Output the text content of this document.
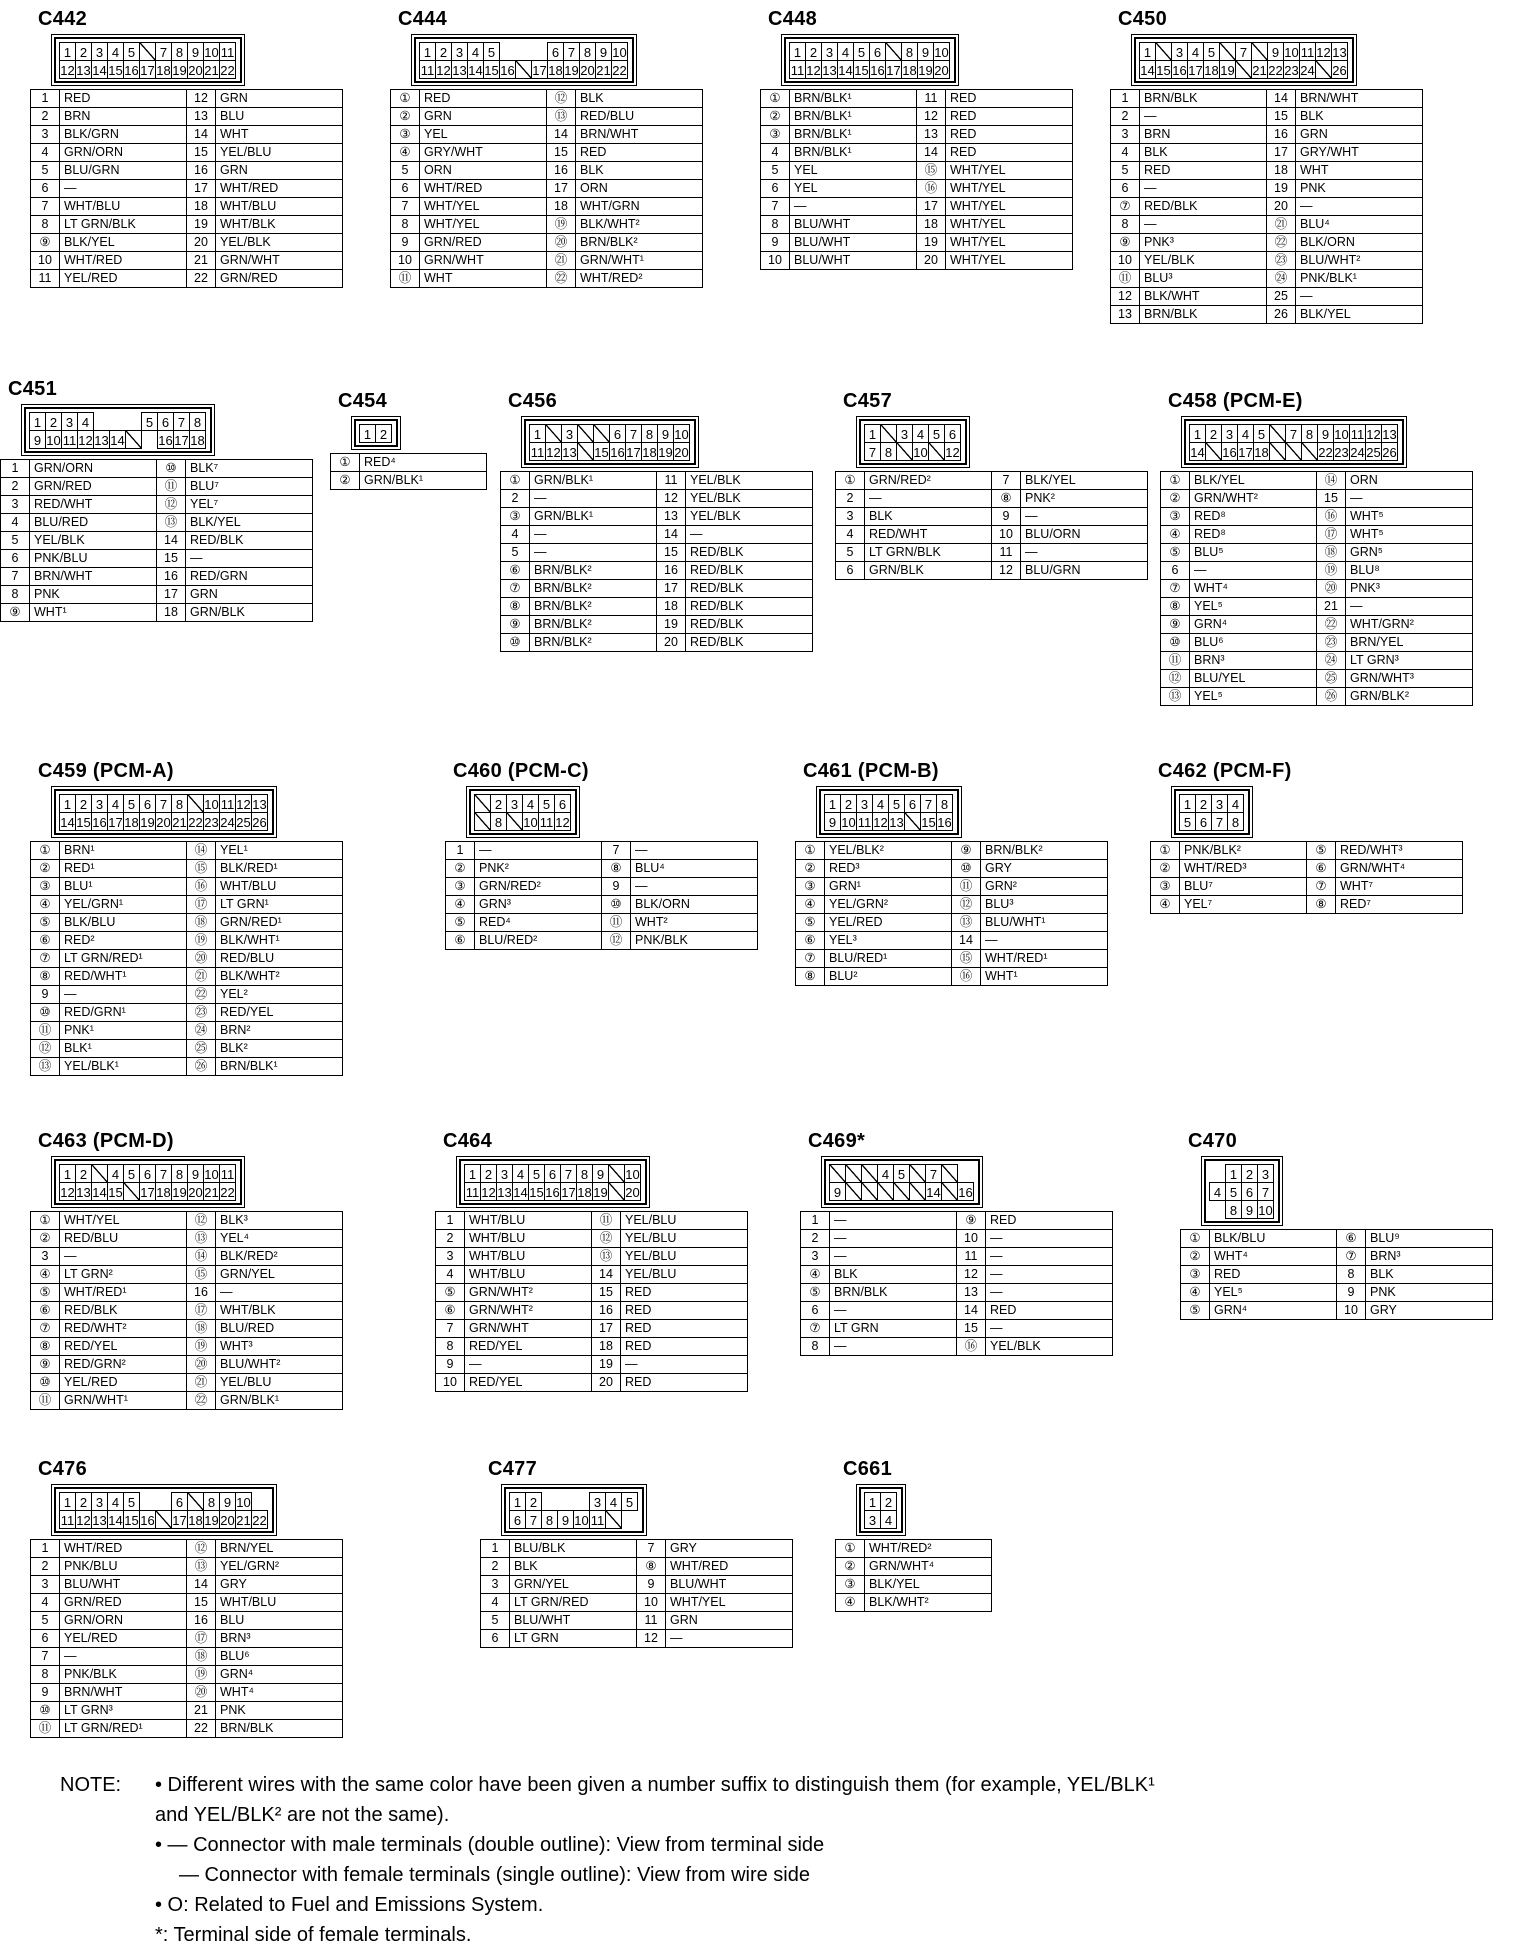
C442
1 2 3 4 5	7 8 9 10 11
12 13 14 15 16 17 18 19 20 21 22
1	RED	12	GRN
2	BRN	13	BLU
3	BLK/GRN	14	WHT
4	GRN/ORN	15	YEL/BLU
5	BLU/GRN	16	GRN
6	—	17	WHT/RED
7	WHT/BLU	18	WHT/BLU
8	LT GRN/BLK	19	WHT/BLK
⑨	BLK/YEL	20	YEL/BLK
10	WHT/RED	21	GRN/WHT
11	YEL/RED	22	GRN/RED
C444
1 2 3 4 5	6 7 8 9 10
11 12 13 14 15 16 17 18 19 20 21 22
①	RED	⑫	BLK
②	GRN	⑬	RED/BLU
③	YEL	14	BRN/WHT
④	GRY/WHT	15	RED
5	ORN	16	BLK
6	WHT/RED	17	ORN
7	WHT/YEL	18	WHT/GRN
8	WHT/YEL	⑲	BLK/WHT²
9	GRN/RED	⑳	BRN/BLK²
10	GRN/WHT	㉑	GRN/WHT¹
⑪	WHT	㉒	WHT/RED²
C448
1 2 3 4 5 6	8 9 10
11 12 13 14 15 16 17 18 19 20
①	BRN/BLK¹	11	RED
②	BRN/BLK¹	12	RED
③	BRN/BLK¹	13	RED
4	BRN/BLK¹	14	RED
5	YEL	⑮	WHT/YEL
6	YEL	⑯	WHT/YEL
7	—	17	WHT/YEL
8	BLU/WHT	18	WHT/YEL
9	BLU/WHT	19	WHT/YEL
10	BLU/WHT	20	WHT/YEL
C450
1	3 4 5	7	9 10 11 12 13
14 15 16 17 18 19 21 22 23 24 26
1	BRN/BLK	14	BRN/WHT
2	—	15	BLK
3	BRN	16	GRN
4	BLK	17	GRY/WHT
5	RED	18	WHT
6	—	19	PNK
⑦	RED/BLK	20	—
8	—	㉑	BLU⁴
⑨	PNK³	㉒	BLK/ORN
10	YEL/BLK	㉓	BLU/WHT²
⑪	BLU³	㉔	PNK/BLK¹
12	BLK/WHT	25	—
13	BRN/BLK	26	BLK/YEL
C451
1 2 3 4	5 6 7 8
9 10 11 12 13 14	16 17 18
1	GRN/ORN	⑩	BLK⁷
2	GRN/RED	⑪	BLU⁷
3	RED/WHT	⑫	YEL⁷
4	BLU/RED	⑬	BLK/YEL
5	YEL/BLK	14	RED/BLK
6	PNK/BLU	15	—
7	BRN/WHT	16	RED/GRN
8	PNK	17	GRN
⑨	WHT¹	18	GRN/BLK
C454
1 2
①	RED⁴
②	GRN/BLK¹
C456
1	3	6 7 8 9 10
11 12 13 15 16 17 18 19 20
①	GRN/BLK¹	11	YEL/BLK
2	—	12	YEL/BLK
③	GRN/BLK¹	13	YEL/BLK
4	—	14	—
5	—	15	RED/BLK
⑥	BRN/BLK²	16	RED/BLK
⑦	BRN/BLK²	17	RED/BLK
⑧	BRN/BLK²	18	RED/BLK
⑨	BRN/BLK²	19	RED/BLK
⑩	BRN/BLK²	20	RED/BLK
C457
1	3 4 5 6
7 8	10 12
①	GRN/RED²	7	BLK/YEL
2	—	⑧	PNK²
3	BLK	9	—
4	RED/WHT	10	BLU/ORN
5	LT GRN/BLK	11	—
6	GRN/BLK	12	BLU/GRN
C458 (PCM-E)
1 2 3 4 5	7 8 9 10 11 12 13
14 16 17 18	22 23 24 25 26
①	BLK/YEL	⑭	ORN
②	GRN/WHT²	15	—
③	RED⁸	⑯	WHT⁵
④	RED⁸	⑰	WHT⁵
⑤	BLU⁵	⑱	GRN⁵
6	—	⑲	BLU⁸
⑦	WHT⁴	⑳	PNK³
⑧	YEL⁵	21	—
⑨	GRN⁴	㉒	WHT/GRN²
⑩	BLU⁶	㉓	BRN/YEL
⑪	BRN³	㉔	LT GRN³
⑫	BLU/YEL	㉕	GRN/WHT³
⑬	YEL⁵	㉖	GRN/BLK²
C459 (PCM-A)
1 2 3 4 5 6 7 8	10 11 12 13
14 15 16 17 18 19 20 21 22 23 24 25 26
①	BRN¹	⑭	YEL¹
②	RED¹	⑮	BLK/RED¹
③	BLU¹	⑯	WHT/BLU
④	YEL/GRN¹	⑰	LT GRN¹
⑤	BLK/BLU	⑱	GRN/RED¹
⑥	RED²	⑲	BLK/WHT¹
⑦	LT GRN/RED¹	⑳	RED/BLU
⑧	RED/WHT¹	㉑	BLK/WHT²
9	—	㉒	YEL²
⑩	RED/GRN¹	㉓	RED/YEL
⑪	PNK¹	㉔	BRN²
⑫	BLK¹	㉕	BLK²
⑬	YEL/BLK¹	㉖	BRN/BLK¹
C460 (PCM-C)
2 3 4 5 6
8	10 11 12
1	—	7	—
②	PNK²	⑧	BLU⁴
③	GRN/RED²	9	—
④	GRN³	⑩	BLK/ORN
⑤	RED⁴	⑪	WHT²
⑥	BLU/RED²	⑫	PNK/BLK
C461 (PCM-B)
1 2 3 4 5 6 7 8
9 10 11 12 13 15 16
①	YEL/BLK²	⑨	BRN/BLK²
②	RED³	⑩	GRY
③	GRN¹	⑪	GRN²
④	YEL/GRN²	⑫	BLU³
⑤	YEL/RED	⑬	BLU/WHT¹
⑥	YEL³	14	—
⑦	BLU/RED¹	⑮	WHT/RED¹
⑧	BLU²	⑯	WHT¹
C462 (PCM-F)
1 2 3 4
5 6 7 8
①	PNK/BLK²	⑤	RED/WHT³
②	WHT/RED³	⑥	GRN/WHT⁴
③	BLU⁷	⑦	WHT⁷
④	YEL⁷	⑧	RED⁷
C463 (PCM-D)
1 2	4 5 6 7 8 9 10 11
12 13 14 15 17 18 19 20 21 22
①	WHT/YEL	⑫	BLK³
②	RED/BLU	⑬	YEL⁴
3	—	⑭	BLK/RED²
④	LT GRN²	⑮	GRN/YEL
⑤	WHT/RED¹	16	—
⑥	RED/BLK	⑰	WHT/BLK
⑦	RED/WHT²	⑱	BLU/RED
⑧	RED/YEL	⑲	WHT³
⑨	RED/GRN²	⑳	BLU/WHT²
⑩	YEL/RED	㉑	YEL/BLU
⑪	GRN/WHT¹	㉒	GRN/BLK¹
C464
1 2 3 4 5 6 7 8 9	10
11 12 13 14 15 16 17 18 19 20
1	WHT/BLU	⑪	YEL/BLU
2	WHT/BLU	⑫	YEL/BLU
3	WHT/BLU	⑬	YEL/BLU
4	WHT/BLU	14	YEL/BLU
⑤	GRN/WHT²	15	RED
⑥	GRN/WHT²	16	RED
7	GRN/WHT	17	RED
8	RED/YEL	18	RED
9	—	19	—
10	RED/YEL	20	RED
C469*
4 5	7
9	14 16
1	—	⑨	RED
2	—	10	—
3	—	11	—
④	BLK	12	—
⑤	BRN/BLK	13	—
6	—	14	RED
⑦	LT GRN	15	—
8	—	⑯	YEL/BLK
C470
1 2 3
4 5 6 7
8 9 10
①	BLK/BLU	⑥	BLU⁹
②	WHT⁴	⑦	BRN³
③	RED	8	BLK
④	YEL⁵	9	PNK
⑤	GRN⁴	10	GRY
C476
1 2 3 4 5	6	8 9 10
11 12 13 14 15 16 17 18 19 20 21 22
1	WHT/RED	⑫	BRN/YEL
2	PNK/BLU	⑬	YEL/GRN²
3	BLU/WHT	14	GRY
4	GRN/RED	15	WHT/BLU
5	GRN/ORN	16	BLU
6	YEL/RED	⑰	BRN³
7	—	⑱	BLU⁶
8	PNK/BLK	⑲	GRN⁴
9	BRN/WHT	⑳	WHT⁴
⑩	LT GRN³	21	PNK
⑪	LT GRN/RED¹	22	BRN/BLK
C477
1 2	3 4 5
6 7 8 9 10 11
1	BLU/BLK	7	GRY
2	BLK	⑧	WHT/RED
3	GRN/YEL	9	BLU/WHT
4	LT GRN/RED	10	WHT/YEL
5	BLU/WHT	11	GRN
6	LT GRN	12	—
C661
1 2
3 4
①	WHT/RED²
②	GRN/WHT⁴
③	BLK/YEL
④	BLK/WHT²
NOTE:	• Different wires with the same color have been given a number suffix to distinguish them (for example, YEL/BLK¹
and YEL/BLK² are not the same).
• — Connector with male terminals (double outline): View from terminal side
— Connector with female terminals (single outline): View from wire side
• O: Related to Fuel and Emissions System.
*: Terminal side of female terminals.
